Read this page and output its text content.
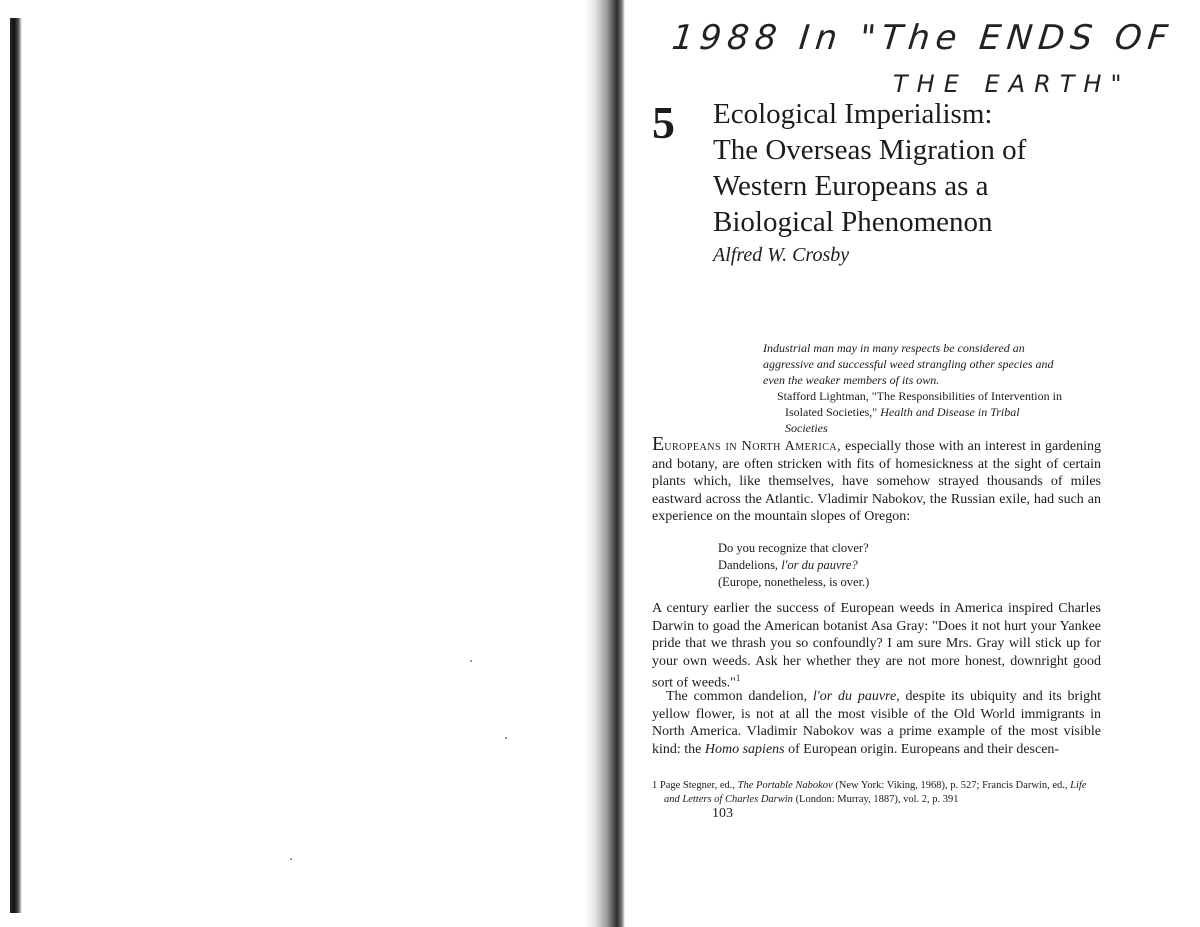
1988 In "The ENDS OF
THE EARTH"
5 Ecological Imperialism:
The Overseas Migration of
Western Europeans as a
Biological Phenomenon
Alfred W. Crosby
Industrial man may in many respects be considered an aggressive and successful weed strangling other species and even the weaker members of its own.
Stafford Lightman, "The Responsibilities of Intervention in Isolated Societies," Health and Disease in Tribal Societies
Europeans in North America, especially those with an interest in gardening and botany, are often stricken with fits of homesickness at the sight of certain plants which, like themselves, have somehow strayed thousands of miles eastward across the Atlantic. Vladimir Nabokov, the Russian exile, had such an experience on the mountain slopes of Oregon:
Do you recognize that clover?
Dandelions, l'or du pauvre?
(Europe, nonetheless, is over.)
A century earlier the success of European weeds in America inspired Charles Darwin to goad the American botanist Asa Gray: "Does it not hurt your Yankee pride that we thrash you so confoundly? I am sure Mrs. Gray will stick up for your own weeds. Ask her whether they are not more honest, downright good sort of weeds."$^1$
The common dandelion, l'or du pauvre, despite its ubiquity and its bright yellow flower, is not at all the most visible of the Old World immigrants in North America. Vladimir Nabokov was a prime example of the most visible kind: the Homo sapiens of European origin. Europeans and their descen-
1 Page Stegner, ed., The Portable Nabokov (New York: Viking, 1968), p. 527; Francis Darwin, ed., Life and Letters of Charles Darwin (London: Murray, 1887), vol. 2, p. 391
103
